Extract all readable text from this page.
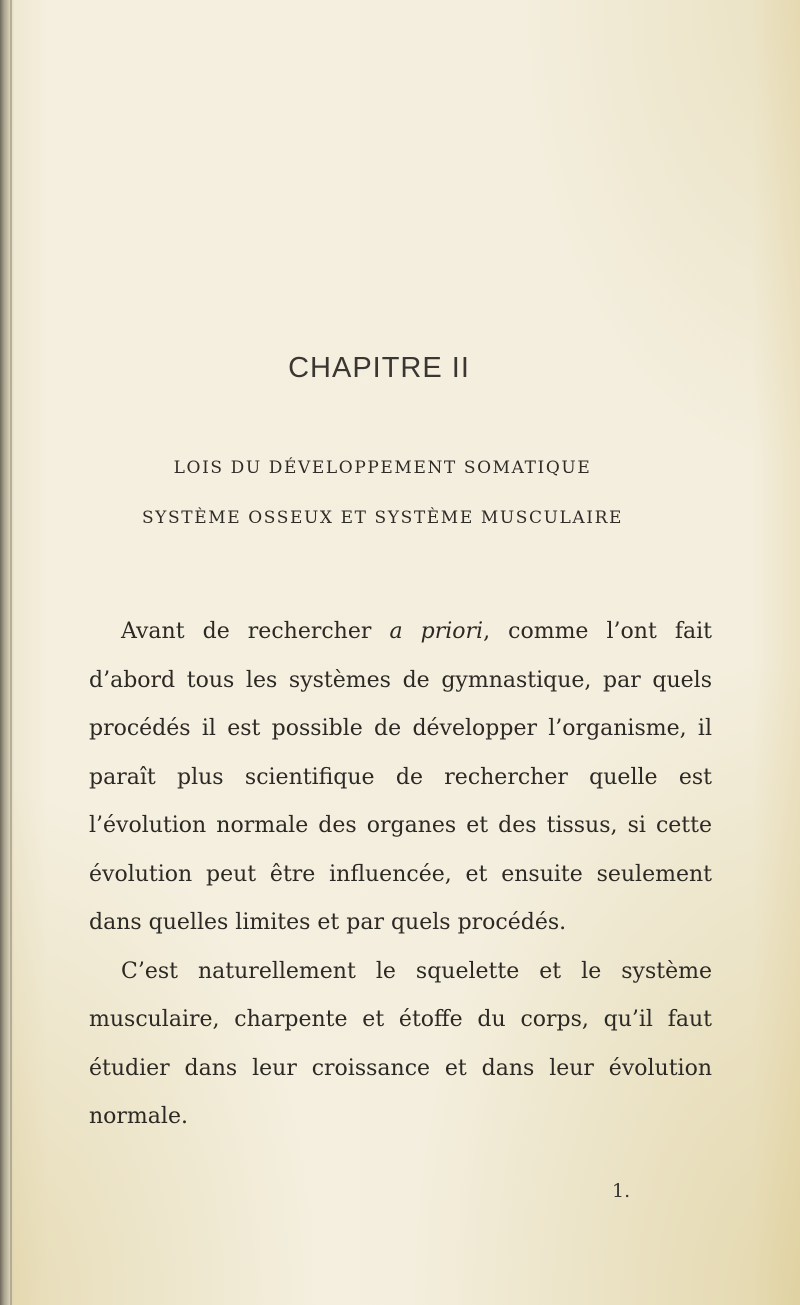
CHAPITRE II
LOIS DU DÉVELOPPEMENT SOMATIQUE
SYSTÈME OSSEUX ET SYSTÈME MUSCULAIRE

Avant de rechercher a priori, comme l’ont fait d’abord tous les systèmes de gymnastique, par quels procédés il est possible de développer l’organisme, il paraît plus scientifique de rechercher quelle est l’évolution normale des organes et des tissus, si cette évolution peut être influencée, et ensuite seulement dans quelles limites et par quels procédés.

C’est naturellement le squelette et le système musculaire, charpente et étoffe du corps, qu’il faut étudier dans leur croissance et dans leur évolution normale.

1.
